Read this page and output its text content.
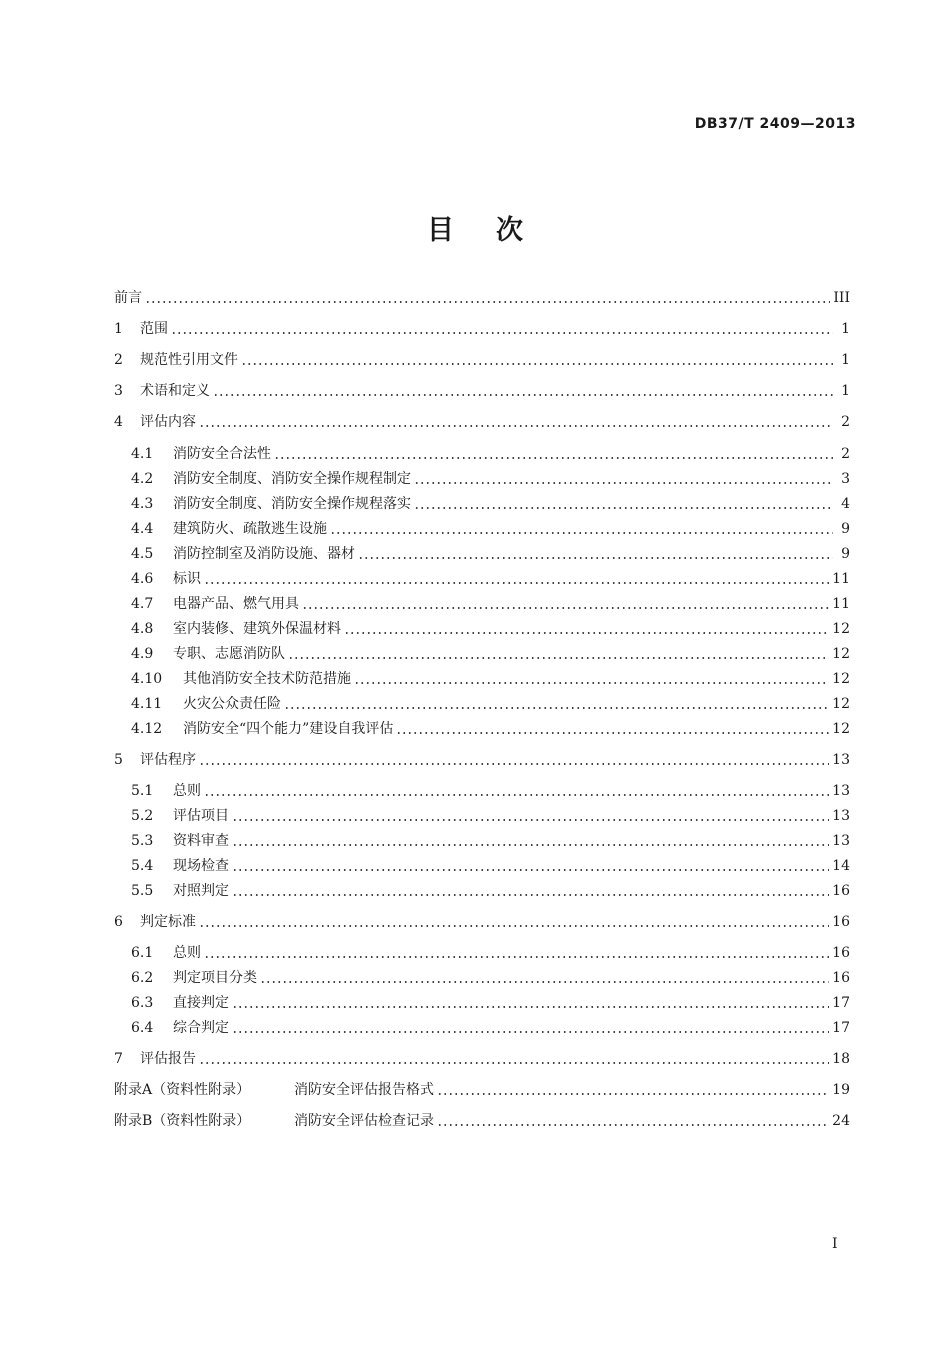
DB37/T 2409—2013
目次
前言	III
1	范围	1
2	规范性引用文件	1
3	术语和定义	1
4	评估内容	2
4.1	消防安全合法性	2
4.2	消防安全制度、消防安全操作规程制定	3
4.3	消防安全制度、消防安全操作规程落实	4
4.4	建筑防火、疏散逃生设施	9
4.5	消防控制室及消防设施、器材	9
4.6	标识	11
4.7	电器产品、燃气用具	11
4.8	室内装修、建筑外保温材料	12
4.9	专职、志愿消防队	12
4.10	其他消防安全技术防范措施	12
4.11	火灾公众责任险	12
4.12	消防安全“四个能力”建设自我评估	12
5	评估程序	13
5.1	总则	13
5.2	评估项目	13
5.3	资料审查	13
5.4	现场检查	14
5.5	对照判定	16
6	判定标准	16
6.1	总则	16
6.2	判定项目分类	16
6.3	直接判定	17
6.4	综合判定	17
7	评估报告	18
附录A（资料性附录）	消防安全评估报告格式	19
附录B（资料性附录）	消防安全评估检查记录	24
I
